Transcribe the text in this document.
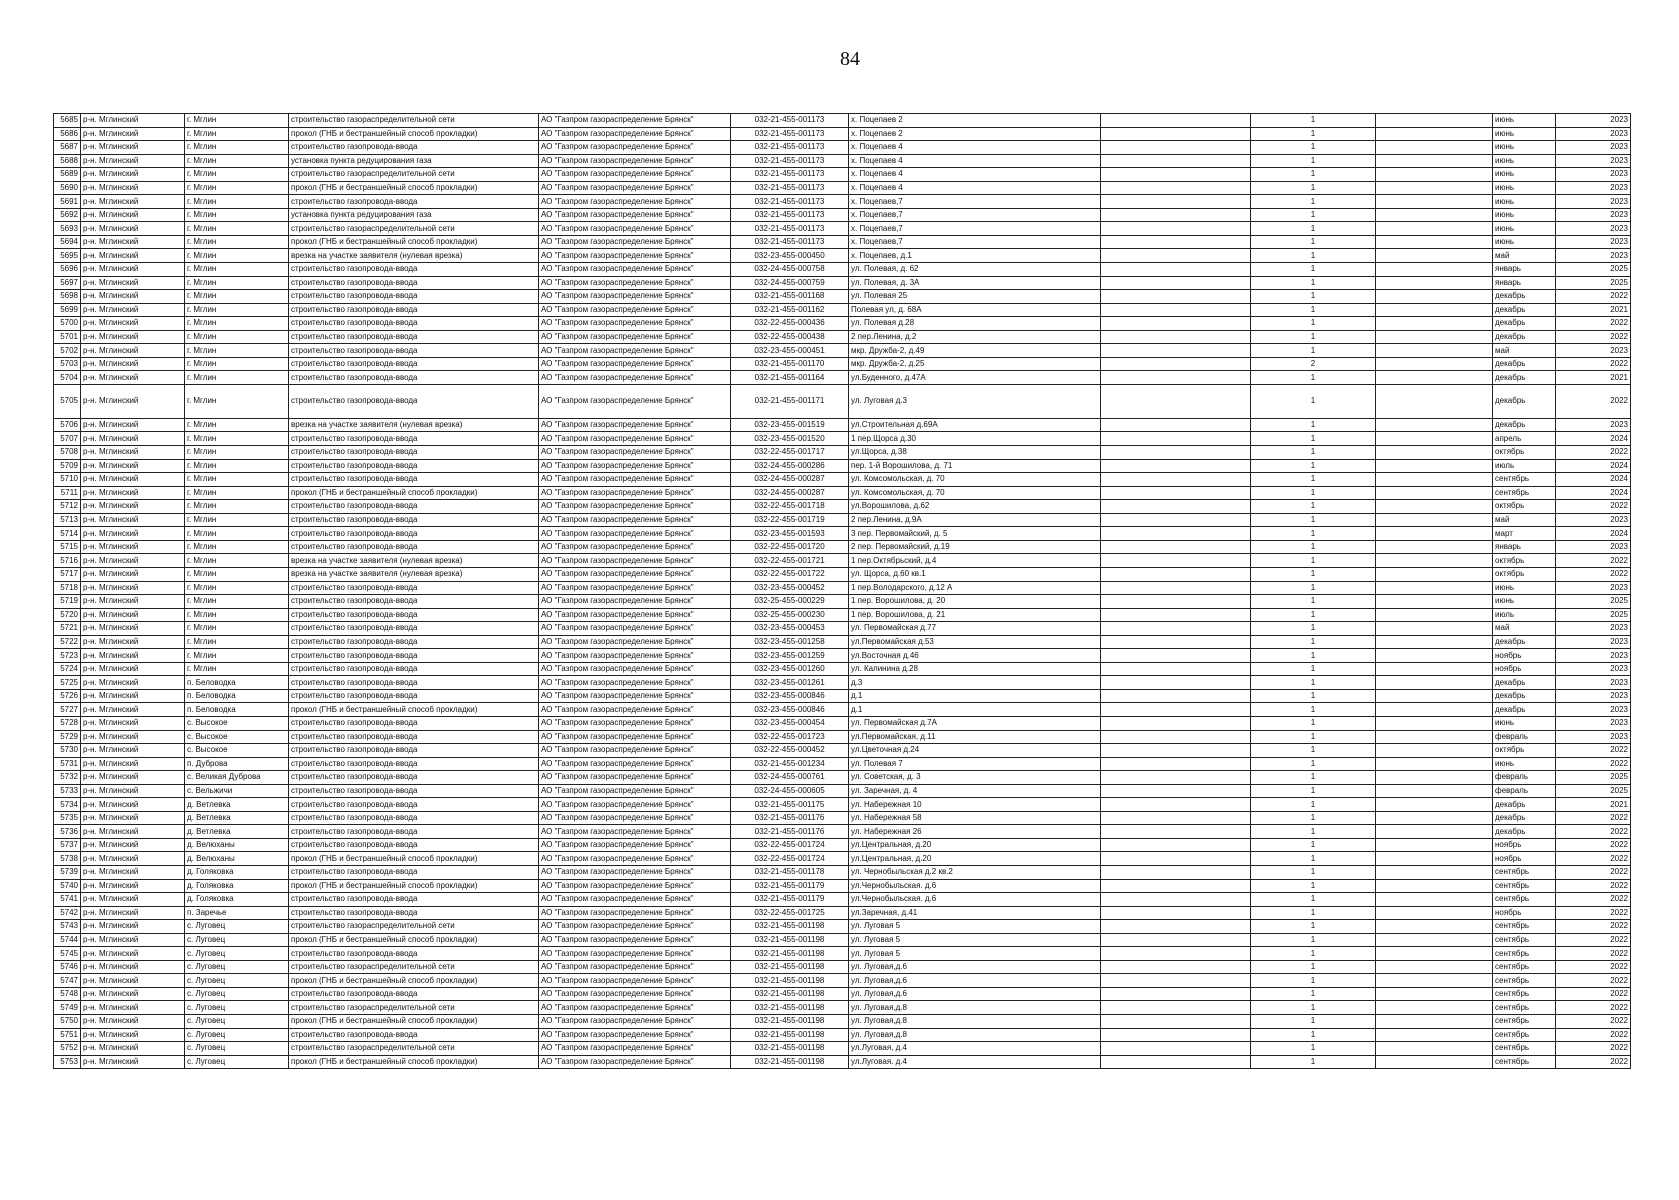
84
5685	р-н. Мглинский	г. Мглин	строительство газораспределительной сети	АО "Газпром газораспределение Брянск"	032-21-455-001173	х. Поцепаев 2		1		июнь	2023
5686	р-н. Мглинский	г. Мглин	прокол (ГНБ и бестраншейный способ прокладки)	АО "Газпром газораспределение Брянск"	032-21-455-001173	х. Поцепаев 2		1		июнь	2023
5687	р-н. Мглинский	г. Мглин	строительство газопровода-ввода	АО "Газпром газораспределение Брянск"	032-21-455-001173	х. Поцепаев 4		1		июнь	2023
5688	р-н. Мглинский	г. Мглин	установка пункта редуцирования газа	АО "Газпром газораспределение Брянск"	032-21-455-001173	х. Поцепаев 4		1		июнь	2023
5689	р-н. Мглинский	г. Мглин	строительство газораспределительной сети	АО "Газпром газораспределение Брянск"	032-21-455-001173	х. Поцепаев 4		1		июнь	2023
5690	р-н. Мглинский	г. Мглин	прокол (ГНБ и бестраншейный способ прокладки)	АО "Газпром газораспределение Брянск"	032-21-455-001173	х. Поцепаев 4		1		июнь	2023
5691	р-н. Мглинский	г. Мглин	строительство газопровода-ввода	АО "Газпром газораспределение Брянск"	032-21-455-001173	х. Поцепаев,7		1		июнь	2023
5692	р-н. Мглинский	г. Мглин	установка пункта редуцирования газа	АО "Газпром газораспределение Брянск"	032-21-455-001173	х. Поцепаев,7		1		июнь	2023
5693	р-н. Мглинский	г. Мглин	строительство газораспределительной сети	АО "Газпром газораспределение Брянск"	032-21-455-001173	х. Поцепаев,7		1		июнь	2023
5694	р-н. Мглинский	г. Мглин	прокол (ГНБ и бестраншейный способ прокладки)	АО "Газпром газораспределение Брянск"	032-21-455-001173	х. Поцепаев,7		1		июнь	2023
5695	р-н. Мглинский	г. Мглин	врезка на участке заявителя (нулевая врезка)	АО "Газпром газораспределение Брянск"	032-23-455-000450	х. Поцепаев, д.1		1		май	2023
5696	р-н. Мглинский	г. Мглин	строительство газопровода-ввода	АО "Газпром газораспределение Брянск"	032-24-455-000758	ул. Полевая, д. 62		1		январь	2025
5697	р-н. Мглинский	г. Мглин	строительство газопровода-ввода	АО "Газпром газораспределение Брянск"	032-24-455-000759	ул. Полевая, д. 3А		1		январь	2025
5698	р-н. Мглинский	г. Мглин	строительство газопровода-ввода	АО "Газпром газораспределение Брянск"	032-21-455-001168	ул. Полевая 25		1		декабрь	2022
5699	р-н. Мглинский	г. Мглин	строительство газопровода-ввода	АО "Газпром газораспределение Брянск"	032-21-455-001162	Полевая ул, д. 68А		1		декабрь	2021
5700	р-н. Мглинский	г. Мглин	строительство газопровода-ввода	АО "Газпром газораспределение Брянск"	032-22-455-000436	ул. Полевая д.28		1		декабрь	2022
5701	р-н. Мглинский	г. Мглин	строительство газопровода-ввода	АО "Газпром газораспределение Брянск"	032-22-455-000438	2 пер.Ленина, д.2		1		декабрь	2022
5702	р-н. Мглинский	г. Мглин	строительство газопровода-ввода	АО "Газпром газораспределение Брянск"	032-23-455-000451	мкр. Дружба-2, д.49		1		май	2023
5703	р-н. Мглинский	г. Мглин	строительство газопровода-ввода	АО "Газпром газораспределение Брянск"	032-21-455-001170	мкр. Дружба-2, д.25		2		декабрь	2022
5704	р-н. Мглинский	г. Мглин	строительство газопровода-ввода	АО "Газпром газораспределение Брянск"	032-21-455-001164	ул.Буденного, д.47А		1		декабрь	2021
5705	р-н. Мглинский	г. Мглин	строительство газопровода-ввода	АО "Газпром газораспределение Брянск"	032-21-455-001171	ул. Луговая д.3		1		декабрь	2022
5706	р-н. Мглинский	г. Мглин	врезка на участке заявителя (нулевая врезка)	АО "Газпром газораспределение Брянск"	032-23-455-001519	ул.Строительная д.69А		1		декабрь	2023
5707	р-н. Мглинский	г. Мглин	строительство газопровода-ввода	АО "Газпром газораспределение Брянск"	032-23-455-001520	1 пер.Щорса д.30		1		апрель	2024
5708	р-н. Мглинский	г. Мглин	строительство газопровода-ввода	АО "Газпром газораспределение Брянск"	032-22-455-001717	ул.Щорса, д.38		1		октябрь	2022
5709	р-н. Мглинский	г. Мглин	строительство газопровода-ввода	АО "Газпром газораспределение Брянск"	032-24-455-000286	пер. 1-й Ворошилова, д. 71		1		июль	2024
5710	р-н. Мглинский	г. Мглин	строительство газопровода-ввода	АО "Газпром газораспределение Брянск"	032-24-455-000287	ул. Комсомольская, д. 70		1		сентябрь	2024
5711	р-н. Мглинский	г. Мглин	прокол (ГНБ и бестраншейный способ прокладки)	АО "Газпром газораспределение Брянск"	032-24-455-000287	ул. Комсомольская, д. 70		1		сентябрь	2024
5712	р-н. Мглинский	г. Мглин	строительство газопровода-ввода	АО "Газпром газораспределение Брянск"	032-22-455-001718	ул.Ворошилова, д.62		1		октябрь	2022
5713	р-н. Мглинский	г. Мглин	строительство газопровода-ввода	АО "Газпром газораспределение Брянск"	032-22-455-001719	2 пер.Ленина, д.9А		1		май	2023
5714	р-н. Мглинский	г. Мглин	строительство газопровода-ввода	АО "Газпром газораспределение Брянск"	032-23-455-001593	3 пер. Первомайский, д. 5		1		март	2024
5715	р-н. Мглинский	г. Мглин	строительство газопровода-ввода	АО "Газпром газораспределение Брянск"	032-22-455-001720	2 пер. Первомайский, д.19		1		январь	2023
5716	р-н. Мглинский	г. Мглин	врезка на участке заявителя (нулевая врезка)	АО "Газпром газораспределение Брянск"	032-22-455-001721	1 пер.Октябрьский, д.4		1		октябрь	2022
5717	р-н. Мглинский	г. Мглин	врезка на участке заявителя (нулевая врезка)	АО "Газпром газораспределение Брянск"	032-22-455-001722	ул. Щорса, д.60 кв.1		1		октябрь	2022
5718	р-н. Мглинский	г. Мглин	строительство газопровода-ввода	АО "Газпром газораспределение Брянск"	032-23-455-000452	1 пер.Володарского, д.12 А		1		июнь	2023
5719	р-н. Мглинский	г. Мглин	строительство газопровода-ввода	АО "Газпром газораспределение Брянск"	032-25-455-000229	1 пер. Ворошилова, д. 20		1		июнь	2025
5720	р-н. Мглинский	г. Мглин	строительство газопровода-ввода	АО "Газпром газораспределение Брянск"	032-25-455-000230	1 пер. Ворошилова, д. 21		1		июль	2025
5721	р-н. Мглинский	г. Мглин	строительство газопровода-ввода	АО "Газпром газораспределение Брянск"	032-23-455-000453	ул. Первомайская д.77		1		май	2023
5722	р-н. Мглинский	г. Мглин	строительство газопровода-ввода	АО "Газпром газораспределение Брянск"	032-23-455-001258	ул.Первомайская д.53		1		декабрь	2023
5723	р-н. Мглинский	г. Мглин	строительство газопровода-ввода	АО "Газпром газораспределение Брянск"	032-23-455-001259	ул.Восточная д.46		1		ноябрь	2023
5724	р-н. Мглинский	г. Мглин	строительство газопровода-ввода	АО "Газпром газораспределение Брянск"	032-23-455-001260	ул. Калинина д.28		1		ноябрь	2023
5725	р-н. Мглинский	п. Беловодка	строительство газопровода-ввода	АО "Газпром газораспределение Брянск"	032-23-455-001261	д.3		1		декабрь	2023
5726	р-н. Мглинский	п. Беловодка	строительство газопровода-ввода	АО "Газпром газораспределение Брянск"	032-23-455-000846	д.1		1		декабрь	2023
5727	р-н. Мглинский	п. Беловодка	прокол (ГНБ и бестраншейный способ прокладки)	АО "Газпром газораспределение Брянск"	032-23-455-000846	д.1		1		декабрь	2023
5728	р-н. Мглинский	с. Высокое	строительство газопровода-ввода	АО "Газпром газораспределение Брянск"	032-23-455-000454	ул. Первомайская д.7А		1		июнь	2023
5729	р-н. Мглинский	с. Высокое	строительство газопровода-ввода	АО "Газпром газораспределение Брянск"	032-22-455-001723	ул.Первомайская, д.11		1		февраль	2023
5730	р-н. Мглинский	с. Высокое	строительство газопровода-ввода	АО "Газпром газораспределение Брянск"	032-22-455-000452	ул.Цветочная д.24		1		октябрь	2022
5731	р-н. Мглинский	п. Дуброва	строительство газопровода-ввода	АО "Газпром газораспределение Брянск"	032-21-455-001234	ул. Полевая 7		1		июнь	2022
5732	р-н. Мглинский	с. Великая Дуброва	строительство газопровода-ввода	АО "Газпром газораспределение Брянск"	032-24-455-000761	ул. Советская, д. 3		1		февраль	2025
5733	р-н. Мглинский	с. Вельжичи	строительство газопровода-ввода	АО "Газпром газораспределение Брянск"	032-24-455-000605	ул. Заречная, д. 4		1		февраль	2025
5734	р-н. Мглинский	д. Ветлевка	строительство газопровода-ввода	АО "Газпром газораспределение Брянск"	032-21-455-001175	ул. Набережная 10		1		декабрь	2021
5735	р-н. Мглинский	д. Ветлевка	строительство газопровода-ввода	АО "Газпром газораспределение Брянск"	032-21-455-001176	ул. Набережная 58		1		декабрь	2022
5736	р-н. Мглинский	д. Ветлевка	строительство газопровода-ввода	АО "Газпром газораспределение Брянск"	032-21-455-001176	ул. Набережная 26		1		декабрь	2022
5737	р-н. Мглинский	д. Велюханы	строительство газопровода-ввода	АО "Газпром газораспределение Брянск"	032-22-455-001724	ул.Центральная, д.20		1		ноябрь	2022
5738	р-н. Мглинский	д. Велюханы	прокол (ГНБ и бестраншейный способ прокладки)	АО "Газпром газораспределение Брянск"	032-22-455-001724	ул.Центральная, д.20		1		ноябрь	2022
5739	р-н. Мглинский	д. Голяковка	строительство газопровода-ввода	АО "Газпром газораспределение Брянск"	032-21-455-001178	ул. Чернобыльская д.2 кв.2		1		сентябрь	2022
5740	р-н. Мглинский	д. Голяковка	прокол (ГНБ и бестраншейный способ прокладки)	АО "Газпром газораспределение Брянск"	032-21-455-001179	ул.Чернобыльская. д.6		1		сентябрь	2022
5741	р-н. Мглинский	д. Голяковка	строительство газопровода-ввода	АО "Газпром газораспределение Брянск"	032-21-455-001179	ул.Чернобыльская. д.6		1		сентябрь	2022
5742	р-н. Мглинский	п. Заречье	строительство газопровода-ввода	АО "Газпром газораспределение Брянск"	032-22-455-001725	ул.Заречная, д.41		1		ноябрь	2022
5743	р-н. Мглинский	с. Луговец	строительство газораспределительной сети	АО "Газпром газораспределение Брянск"	032-21-455-001198	ул. Луговая 5		1		сентябрь	2022
5744	р-н. Мглинский	с. Луговец	прокол (ГНБ и бестраншейный способ прокладки)	АО "Газпром газораспределение Брянск"	032-21-455-001198	ул. Луговая 5		1		сентябрь	2022
5745	р-н. Мглинский	с. Луговец	строительство газопровода-ввода	АО "Газпром газораспределение Брянск"	032-21-455-001198	ул. Луговая 5		1		сентябрь	2022
5746	р-н. Мглинский	с. Луговец	строительство газораспределительной сети	АО "Газпром газораспределение Брянск"	032-21-455-001198	ул. Луговая,д.6		1		сентябрь	2022
5747	р-н. Мглинский	с. Луговец	прокол (ГНБ и бестраншейный способ прокладки)	АО "Газпром газораспределение Брянск"	032-21-455-001198	ул. Луговая,д.6		1		сентябрь	2022
5748	р-н. Мглинский	с. Луговец	строительство газопровода-ввода	АО "Газпром газораспределение Брянск"	032-21-455-001198	ул. Луговая,д.6		1		сентябрь	2022
5749	р-н. Мглинский	с. Луговец	строительство газораспределительной сети	АО "Газпром газораспределение Брянск"	032-21-455-001198	ул. Луговая,д.8		1		сентябрь	2022
5750	р-н. Мглинский	с. Луговец	прокол (ГНБ и бестраншейный способ прокладки)	АО "Газпром газораспределение Брянск"	032-21-455-001198	ул. Луговая,д.8		1		сентябрь	2022
5751	р-н. Мглинский	с. Луговец	строительство газопровода-ввода	АО "Газпром газораспределение Брянск"	032-21-455-001198	ул. Луговая,д.8		1		сентябрь	2022
5752	р-н. Мглинский	с. Луговец	строительство газораспределительной сети	АО "Газпром газораспределение Брянск"	032-21-455-001198	ул.Луговая, д.4		1		сентябрь	2022
5753	р-н. Мглинский	с. Луговец	прокол (ГНБ и бестраншейный способ прокладки)	АО "Газпром газораспределение Брянск"	032-21-455-001198	ул.Луговая. д.4		1		сентябрь	2022
